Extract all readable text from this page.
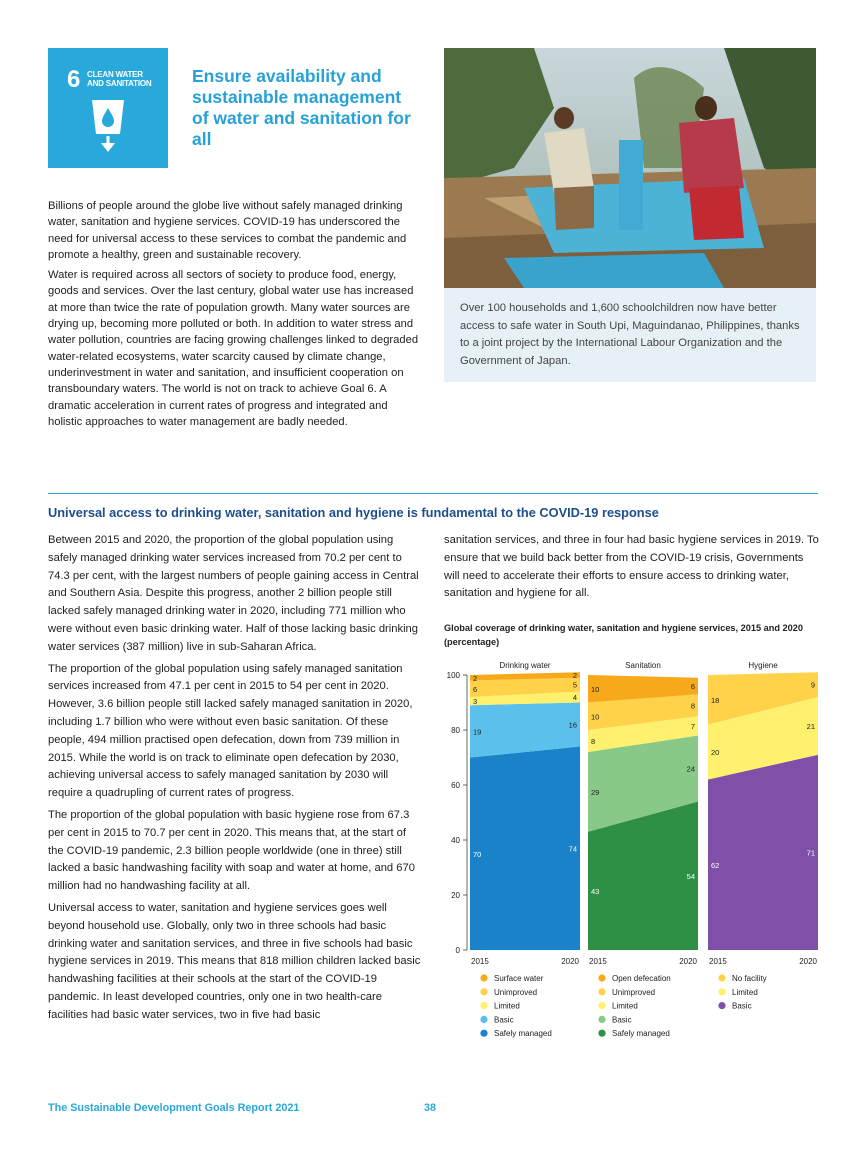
6 CLEAN WATER
AND SANITATION Ensure availability and sustainable management of water and sanitation for all

Billions of people around the globe live without safely managed drinking water, sanitation and hygiene services. COVID-19 has underscored the need for universal access to these services to combat the pandemic and promote a healthy, green and sustainable recovery.

Water is required across all sectors of society to produce food, energy, goods and services. Over the last century, global water use has increased at more than twice the rate of population growth. Many water sources are drying up, becoming more polluted or both. In addition to water stress and water pollution, countries are facing growing challenges linked to degraded water-related ecosystems, water scarcity caused by climate change, underinvestment in water and sanitation, and insufficient cooperation on transboundary waters. The world is not on track to achieve Goal 6. A dramatic acceleration in current rates of progress and integrated and holistic approaches to water management are badly needed.

Over 100 households and 1,600 schoolchildren now have better access to safe water in South Upi, Maguindanao, Philippines, thanks to a joint project by the International Labour Organization and the Government of Japan.
Universal access to drinking water, sanitation and hygiene is fundamental to the COVID-19 response

Between 2015 and 2020, the proportion of the global population using safely managed drinking water services increased from 70.2 per cent to 74.3 per cent, with the largest numbers of people gaining access in Central and Southern Asia. Despite this progress, another 2 billion people still lacked safely managed drinking water in 2020, including 771 million who were without even basic drinking water. Half of those lacking basic drinking water services (387 million) live in sub-Saharan Africa.

The proportion of the global population using safely managed sanitation services increased from 47.1 per cent in 2015 to 54 per cent in 2020. However, 3.6 billion people still lacked safely managed sanitation in 2020, including 1.7 billion who were without even basic sanitation. Of these people, 494 million practised open defecation, down from 739 million in 2015. While the world is on track to eliminate open defecation by 2030, achieving universal access to safely managed sanitation by 2030 will require a quadrupling of current rates of progress.

The proportion of the global population with basic hygiene rose from 67.3 per cent in 2015 to 70.7 per cent in 2020. This means that, at the start of the COVID-19 pandemic, 2.3 billion people worldwide (one in three) still lacked a basic handwashing facility with soap and water at home, and 670 million had no handwashing facility at all.

Universal access to water, sanitation and hygiene services goes well beyond household use. Globally, only two in three schools had basic drinking water and sanitation services, and three in five schools had basic hygiene services in 2019. This means that 818 million children lacked basic handwashing facilities at their schools at the start of the COVID-19 pandemic. In least developed countries, only one in two health-care facilities had basic water services, two in five had basic

sanitation services, and three in four had basic hygiene services in 2019. To ensure that we build back better from the COVID-19 crisis, Governments will need to accelerate their efforts to ensure access to drinking water, sanitation and hygiene for all.
Global coverage of drinking water, sanitation and hygiene services, 2015 and 2020 (percentage)
0
20
40
60
80
100
Drinking water
70
74
19
16
3	4
6	5
2	2
2015	2020
Sanitation
43
54
29
24
8
7
10
8
10	6
2015	2020
Hygiene
62
71
20
21
18
9
2015	2020
Surface water
Unimproved
Limited
Basic
Safely managed
Open defecation
Unimproved
Limited
Basic
Safely managed
No facility
Limited
Basic
The Sustainable Development Goals Report 2021	38
